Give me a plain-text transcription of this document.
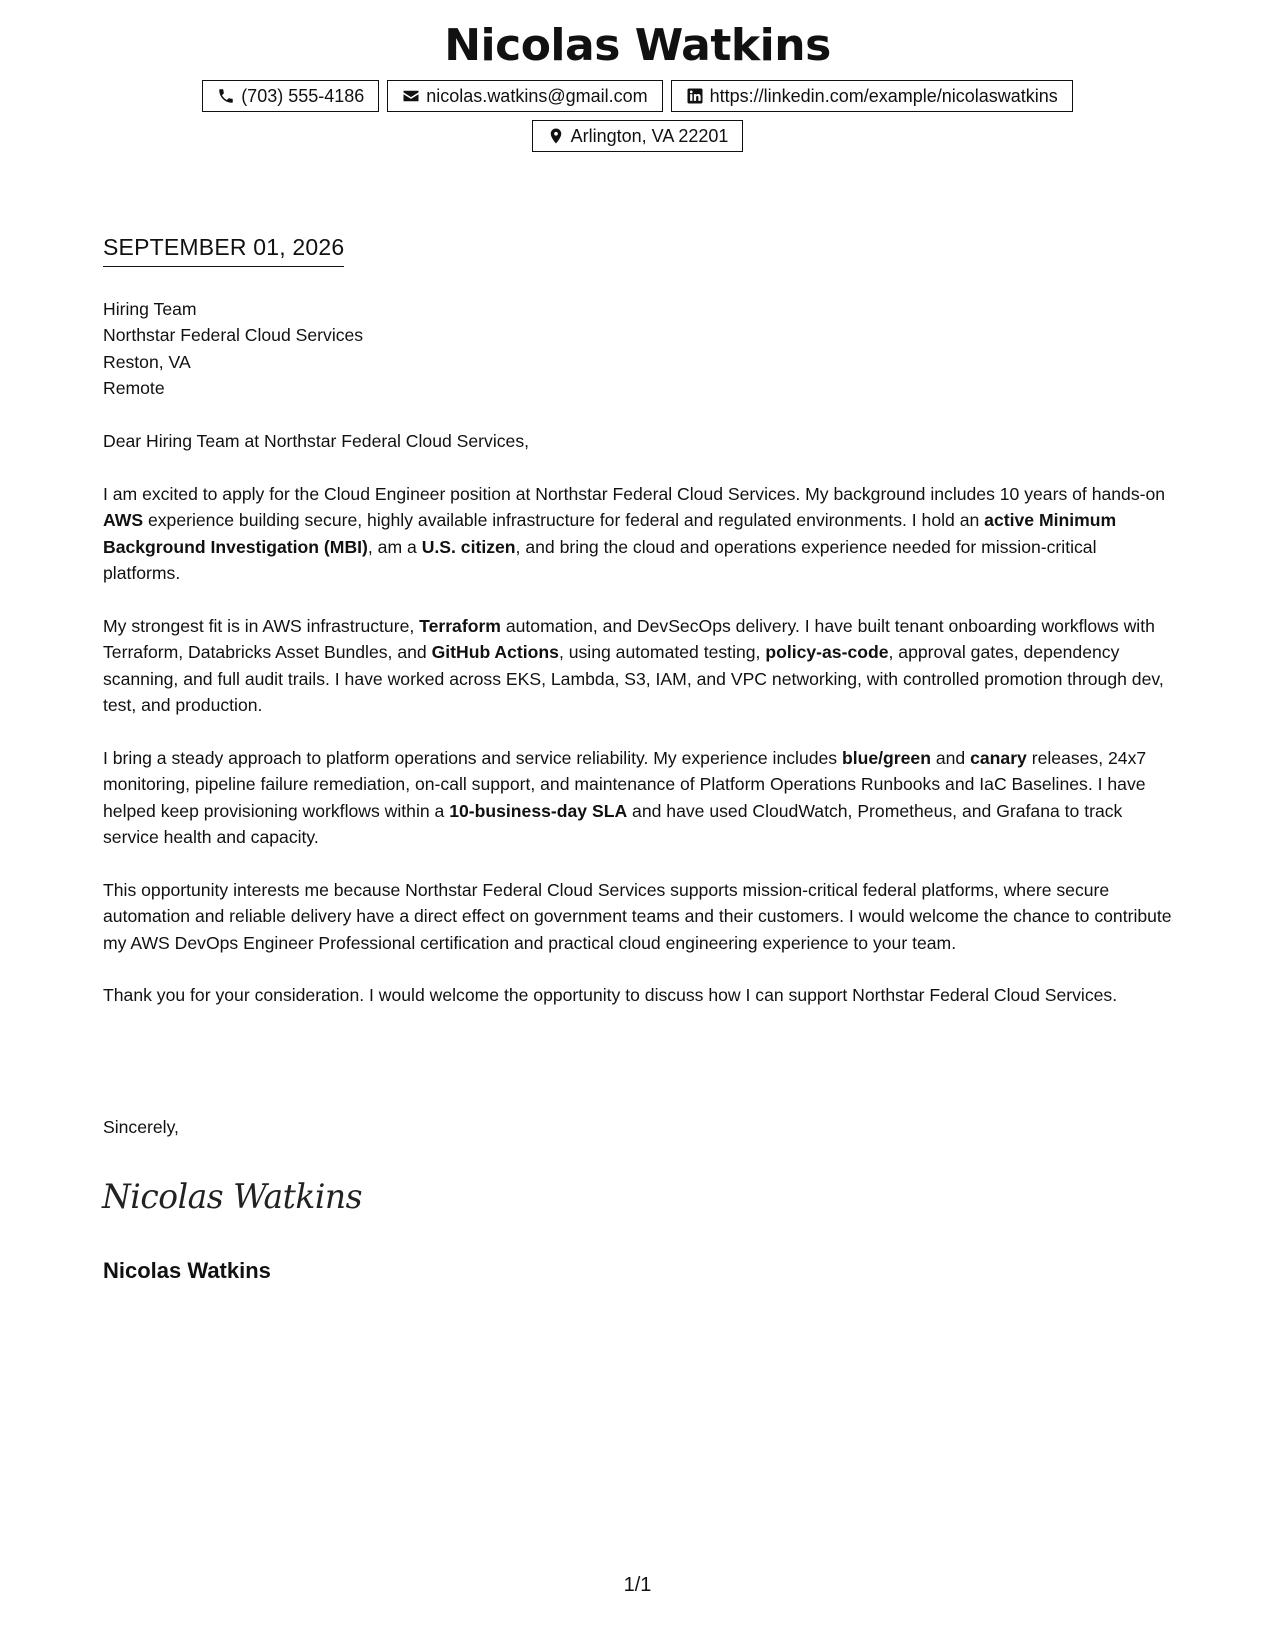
Nicolas Watkins
(703) 555-4186	nicolas.watkins@gmail.com	https://linkedin.com/example/nicolaswatkins
Arlington, VA 22201
SEPTEMBER 01, 2026

Hiring Team
Northstar Federal Cloud Services
Reston, VA
Remote

Dear Hiring Team at Northstar Federal Cloud Services,

I am excited to apply for the Cloud Engineer position at Northstar Federal Cloud Services. My background includes 10 years of hands-on AWS experience building secure, highly available infrastructure for federal and regulated environments. I hold an active Minimum Background Investigation (MBI), am a U.S. citizen, and bring the cloud and operations experience needed for mission-critical platforms.

My strongest fit is in AWS infrastructure, Terraform automation, and DevSecOps delivery. I have built tenant onboarding workflows with Terraform, Databricks Asset Bundles, and GitHub Actions, using automated testing, policy-as-code, approval gates, dependency scanning, and full audit trails. I have worked across EKS, Lambda, S3, IAM, and VPC networking, with controlled promotion through dev, test, and production.

I bring a steady approach to platform operations and service reliability. My experience includes blue/green and canary releases, 24x7 monitoring, pipeline failure remediation, on-call support, and maintenance of Platform Operations Runbooks and IaC Baselines. I have helped keep provisioning workflows within a 10-business-day SLA and have used CloudWatch, Prometheus, and Grafana to track service health and capacity.

This opportunity interests me because Northstar Federal Cloud Services supports mission-critical federal platforms, where secure automation and reliable delivery have a direct effect on government teams and their customers. I would welcome the chance to contribute my AWS DevOps Engineer Professional certification and practical cloud engineering experience to your team.

Thank you for your consideration. I would welcome the opportunity to discuss how I can support Northstar Federal Cloud Services.

Sincerely,
Nicolas Watkins
Nicolas Watkins
1/1
